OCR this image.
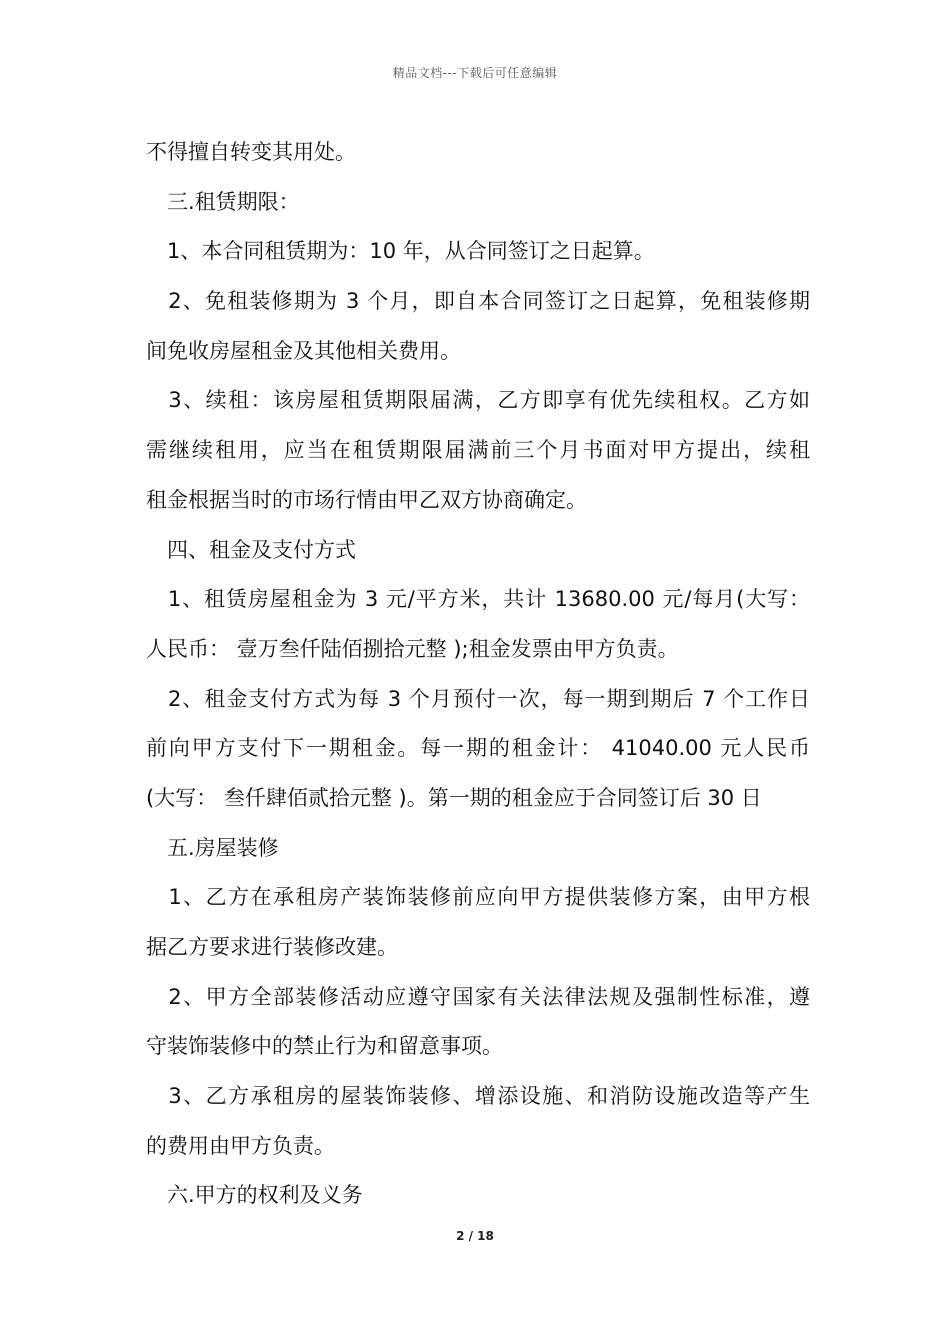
精品文档---下载后可任意编辑
不得擅自转变其用处。
　三.租赁期限：
　1、本合同租赁期为：10 年，从合同签订之日起算。
　2、免租装修期为 3 个月，即自本合同签订之日起算，免租装修期
间免收房屋租金及其他相关费用。
　3、续租：该房屋租赁期限届满，乙方即享有优先续租权。乙方如
需继续租用，应当在租赁期限届满前三个月书面对甲方提出，续租
租金根据当时的市场行情由甲乙双方协商确定。
　四、租金及支付方式
　1、租赁房屋租金为 3 元/平方米，共计 13680.00 元/每月(大写：
人民币： 壹万叁仟陆佰捌拾元整 );租金发票由甲方负责。
　2、租金支付方式为每 3 个月预付一次，每一期到期后 7 个工作日
前向甲方支付下一期租金。每一期的租金计： 41040.00 元人民币
(大写： 叁仟肆佰贰拾元整 )。第一期的租金应于合同签订后 30 日
　五.房屋装修
　1、乙方在承租房产装饰装修前应向甲方提供装修方案，由甲方根
据乙方要求进行装修改建。
　2、甲方全部装修活动应遵守国家有关法律法规及强制性标准，遵
守装饰装修中的禁止行为和留意事项。
　3、乙方承租房的屋装饰装修、增添设施、和消防设施改造等产生
的费用由甲方负责。
　六.甲方的权利及义务
2 / 18
